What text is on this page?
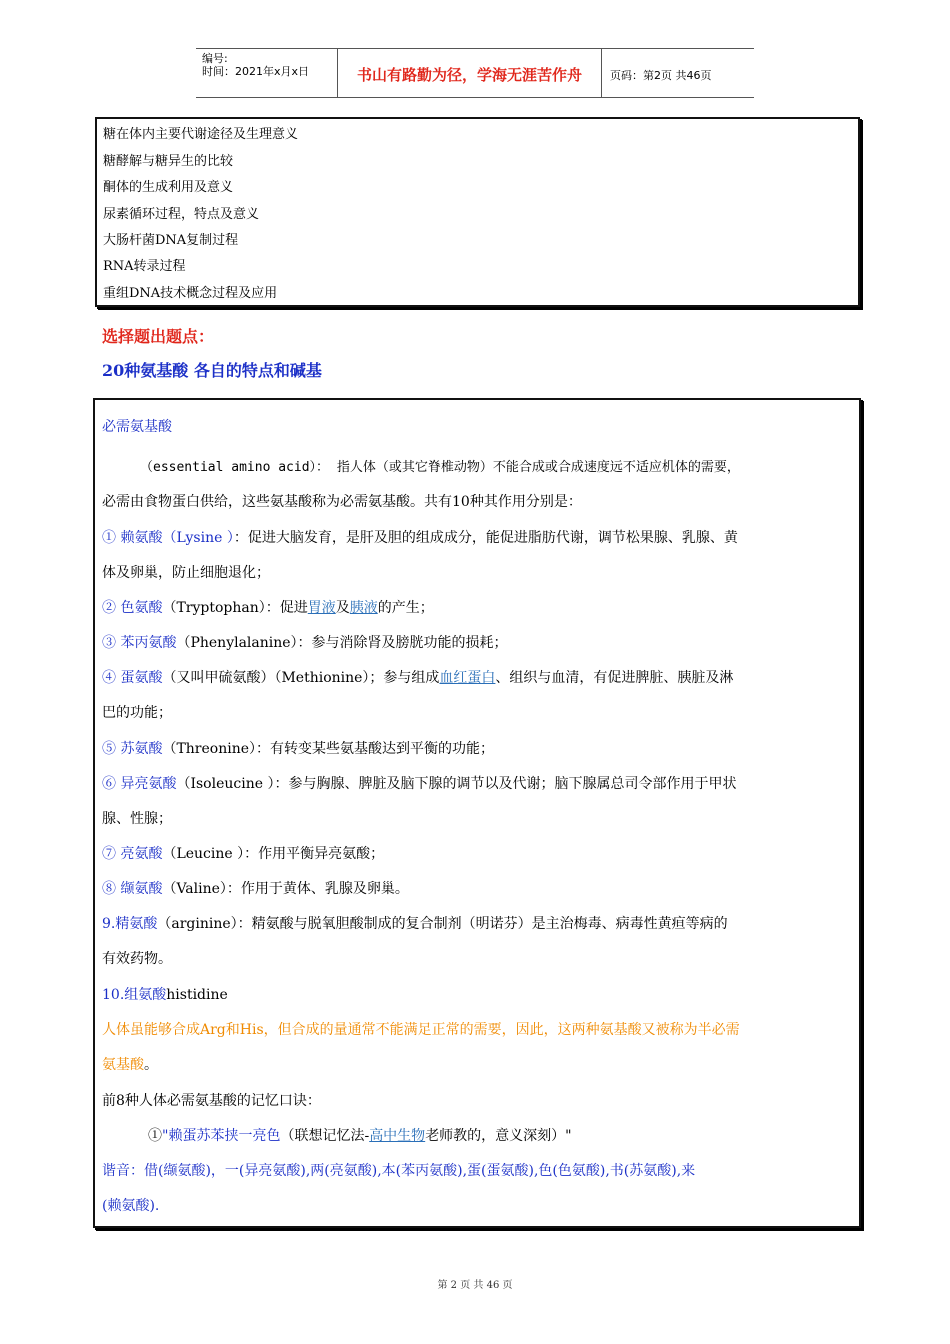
编号:
时间：2021年x月x日	书山有路勤为径，学海无涯苦作舟	页码：第2页 共46页
糖在体内主要代谢途径及生理意义
糖酵解与糖异生的比较
酮体的生成利用及意义
尿素循环过程，特点及意义
大肠杆菌DNA复制过程
RNA转录过程
重组DNA技术概念过程及应用
选择题出题点：
20种氨基酸 各自的特点和碱基
必需氨基酸
（essential amino acid）： 指人体（或其它脊椎动物）不能合成或合成速度远不适应机体的需要，
必需由食物蛋白供给，这些氨基酸称为必需氨基酸。共有10种其作用分别是：
① 赖氨酸（Lysine ）：促进大脑发育，是肝及胆的组成成分，能促进脂肪代谢，调节松果腺、乳腺、黄
体及卵巢，防止细胞退化；
② 色氨酸（Tryptophan）：促进胃液及胰液的产生；
③ 苯丙氨酸（Phenylalanine）：参与消除肾及膀胱功能的损耗；
④ 蛋氨酸（又叫甲硫氨酸）（Methionine）；参与组成血红蛋白、组织与血清，有促进脾脏、胰脏及淋
巴的功能；
⑤ 苏氨酸（Threonine）：有转变某些氨基酸达到平衡的功能；
⑥ 异亮氨酸（Isoleucine ）：参与胸腺、脾脏及脑下腺的调节以及代谢；脑下腺属总司令部作用于甲状
腺、性腺；
⑦ 亮氨酸（Leucine ）：作用平衡异亮氨酸；
⑧ 缬氨酸（Valine）：作用于黄体、乳腺及卵巢。
9.精氨酸（arginine）：精氨酸与脱氧胆酸制成的复合制剂（明诺芬）是主治梅毒、病毒性黄疸等病的
有效药物。
10.组氨酸histidine
人体虽能够合成Arg和His，但合成的量通常不能满足正常的需要，因此，这两种氨基酸又被称为半必需
氨基酸。
前8种人体必需氨基酸的记忆口诀：
①"赖蛋苏苯挟一亮色（联想记忆法-高中生物老师教的，意义深刻）"
谐音：借(缬氨酸)，一(异亮氨酸),两(亮氨酸),本(苯丙氨酸),蛋(蛋氨酸),色(色氨酸),书(苏氨酸),来
(赖氨酸).
第 2 页 共 46 页
